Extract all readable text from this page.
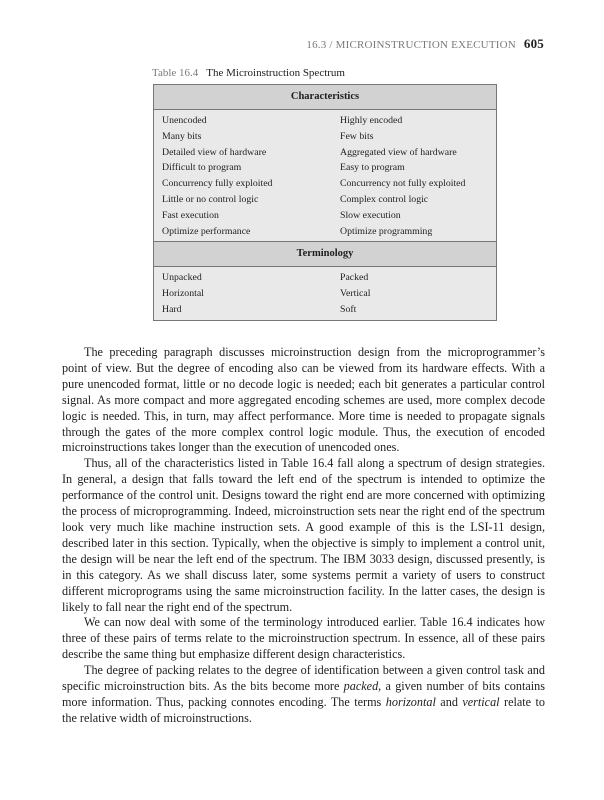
16.3 / MICROINSTRUCTION EXECUTION 605
Table 16.4 The Microinstruction Spectrum
Characteristics
Unencoded	Highly encoded
Many bits	Few bits
Detailed view of hardware	Aggregated view of hardware
Difficult to program	Easy to program
Concurrency fully exploited	Concurrency not fully exploited
Little or no control logic	Complex control logic
Fast execution	Slow execution
Optimize performance	Optimize programming
Terminology
Unpacked	Packed
Horizontal	Vertical
Hard	Soft

The preceding paragraph discusses microinstruction design from the microprogrammer’s point of view. But the degree of encoding also can be viewed from its hardware effects. With a pure unencoded format, little or no decode logic is needed; each bit generates a particular control signal. As more compact and more aggregated encoding schemes are used, more complex decode logic is needed. This, in turn, may affect performance. More time is needed to propagate signals through the gates of the more complex control logic module. Thus, the execution of encoded microinstructions takes longer than the execution of unencoded ones.

Thus, all of the characteristics listed in Table 16.4 fall along a spectrum of design strategies. In general, a design that falls toward the left end of the spectrum is intended to optimize the performance of the control unit. Designs toward the right end are more concerned with optimizing the process of microprogramming. Indeed, microinstruction sets near the right end of the spectrum look very much like machine instruction sets. A good example of this is the LSI-11 design, described later in this section. Typically, when the objective is simply to implement a control unit, the design will be near the left end of the spectrum. The IBM 3033 design, discussed presently, is in this category. As we shall discuss later, some systems permit a variety of users to construct different microprograms using the same microinstruction facility. In the latter cases, the design is likely to fall near the right end of the spectrum.

We can now deal with some of the terminology introduced earlier. Table 16.4 indicates how three of these pairs of terms relate to the microinstruction spectrum. In essence, all of these pairs describe the same thing but emphasize different design characteristics.

The degree of packing relates to the degree of identification between a given control task and specific microinstruction bits. As the bits become more packed, a given number of bits contains more information. Thus, packing connotes encoding. The terms horizontal and vertical relate to the relative width of microinstructions.
